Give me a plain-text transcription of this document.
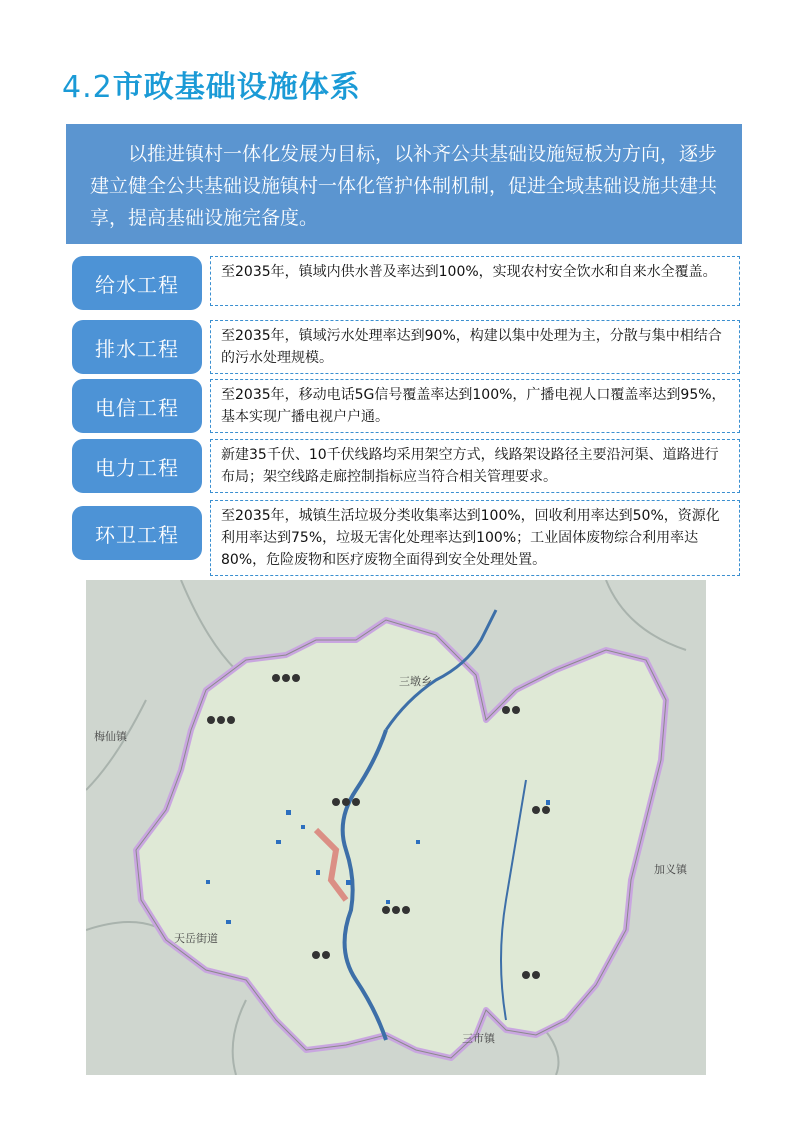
4.2市政基础设施体系

以推进镇村一体化发展为目标，以补齐公共基础设施短板为方向，逐步建立健全公共基础设施镇村一体化管护体制机制，促进全域基础设施共建共享，提高基础设施完备度。

给水工程
至2035年，镇域内供水普及率达到100%，实现农村安全饮水和自来水全覆盖。
排水工程
至2035年，镇域污水处理率达到90%，构建以集中处理为主，分散与集中相结合的污水处理规模。
电信工程
至2035年，移动电话5G信号覆盖率达到100%，广播电视人口覆盖率达到95%，基本实现广播电视户户通。
电力工程
新建35千伏、10千伏线路均采用架空方式，线路架设路径主要沿河渠、道路进行布局；架空线路走廊控制指标应当符合相关管理要求。
环卫工程
至2035年，城镇生活垃圾分类收集率达到100%，回收利用率达到50%，资源化利用率达到75%，垃圾无害化处理率达到100%；工业固体废物综合利用率达80%，危险废物和医疗废物全面得到安全处理处置。
三墩乡
梅仙镇
加义镇
天岳街道
三市镇
